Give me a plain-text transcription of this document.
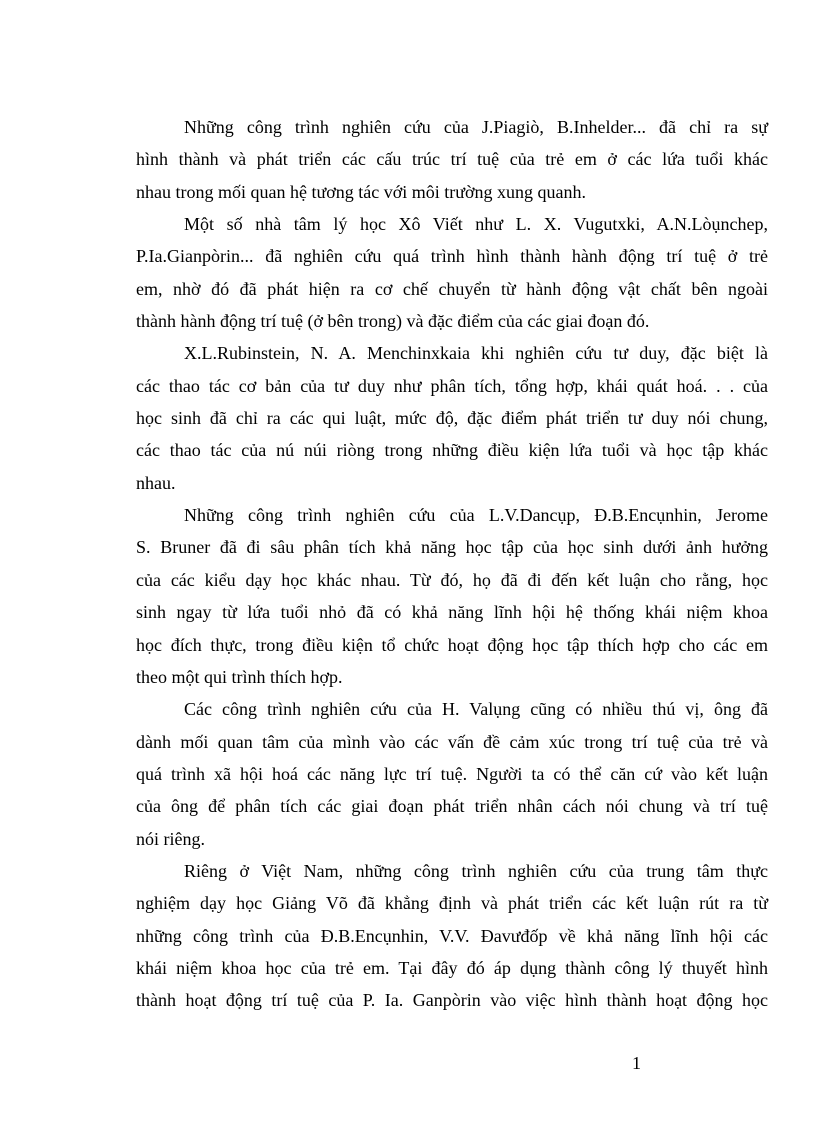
Những công trình nghiên cứu của J.Piagiò, B.Inhelder... đã chỉ ra sự
hình thành và phát triển các cấu trúc trí tuệ của trẻ em ở các lứa tuổi khác
nhau trong mối quan hệ tương tác với môi trường xung quanh.
Một số nhà tâm lý học Xô Viết như L. X. Vugutxki, A.N.Lòụnchep,
P.Ia.Gianpòrin... đã nghiên cứu quá trình hình thành hành động trí tuệ ở trẻ
em, nhờ đó đã phát hiện ra cơ chế chuyển từ hành động vật chất bên ngoài
thành hành động trí tuệ (ở bên trong) và đặc điểm của các giai đoạn đó.
X.L.Rubinstein, N. A. Menchinxkaia khi nghiên cứu tư duy, đặc biệt là
các thao tác cơ bản của tư duy như phân tích, tổng hợp, khái quát hoá. . . của
học sinh đã chỉ ra các qui luật, mức độ, đặc điểm phát triển tư duy nói chung,
các thao tác của nú núi riòng trong những điều kiện lứa tuổi và học tập khác
nhau.
Những công trình nghiên cứu của L.V.Dancụp, Đ.B.Encụnhin, Jerome
S. Bruner đã đi sâu phân tích khả năng học tập của học sinh dưới ảnh hưởng
của các kiểu dạy học khác nhau. Từ đó, họ đã đi đến kết luận cho rằng, học
sinh ngay từ lứa tuổi nhỏ đã có khả năng lĩnh hội hệ thống khái niệm khoa
học đích thực, trong điều kiện tổ chức hoạt động học tập thích hợp cho các em
theo một qui trình thích hợp.
Các công trình nghiên cứu của H. Valụng cũng có nhiều thú vị, ông đã
dành mối quan tâm của mình vào các vấn đề cảm xúc trong trí tuệ của trẻ và
quá trình xã hội hoá các năng lực trí tuệ. Người ta có thể căn cứ vào kết luận
của ông để phân tích các giai đoạn phát triển nhân cách nói chung và trí tuệ
nói riêng.
Riêng ở Việt Nam, những công trình nghiên cứu của trung tâm thực
nghiệm dạy học Giảng Võ đã khẳng định và phát triển các kết luận rút ra từ
những công trình của Đ.B.Encụnhin, V.V. Đavưđốp về khả năng lĩnh hội các
khái niệm khoa học của trẻ em. Tại đây đó áp dụng thành công lý thuyết hình
thành hoạt động trí tuệ của P. Ia. Ganpòrin vào việc hình thành hoạt động học
1
